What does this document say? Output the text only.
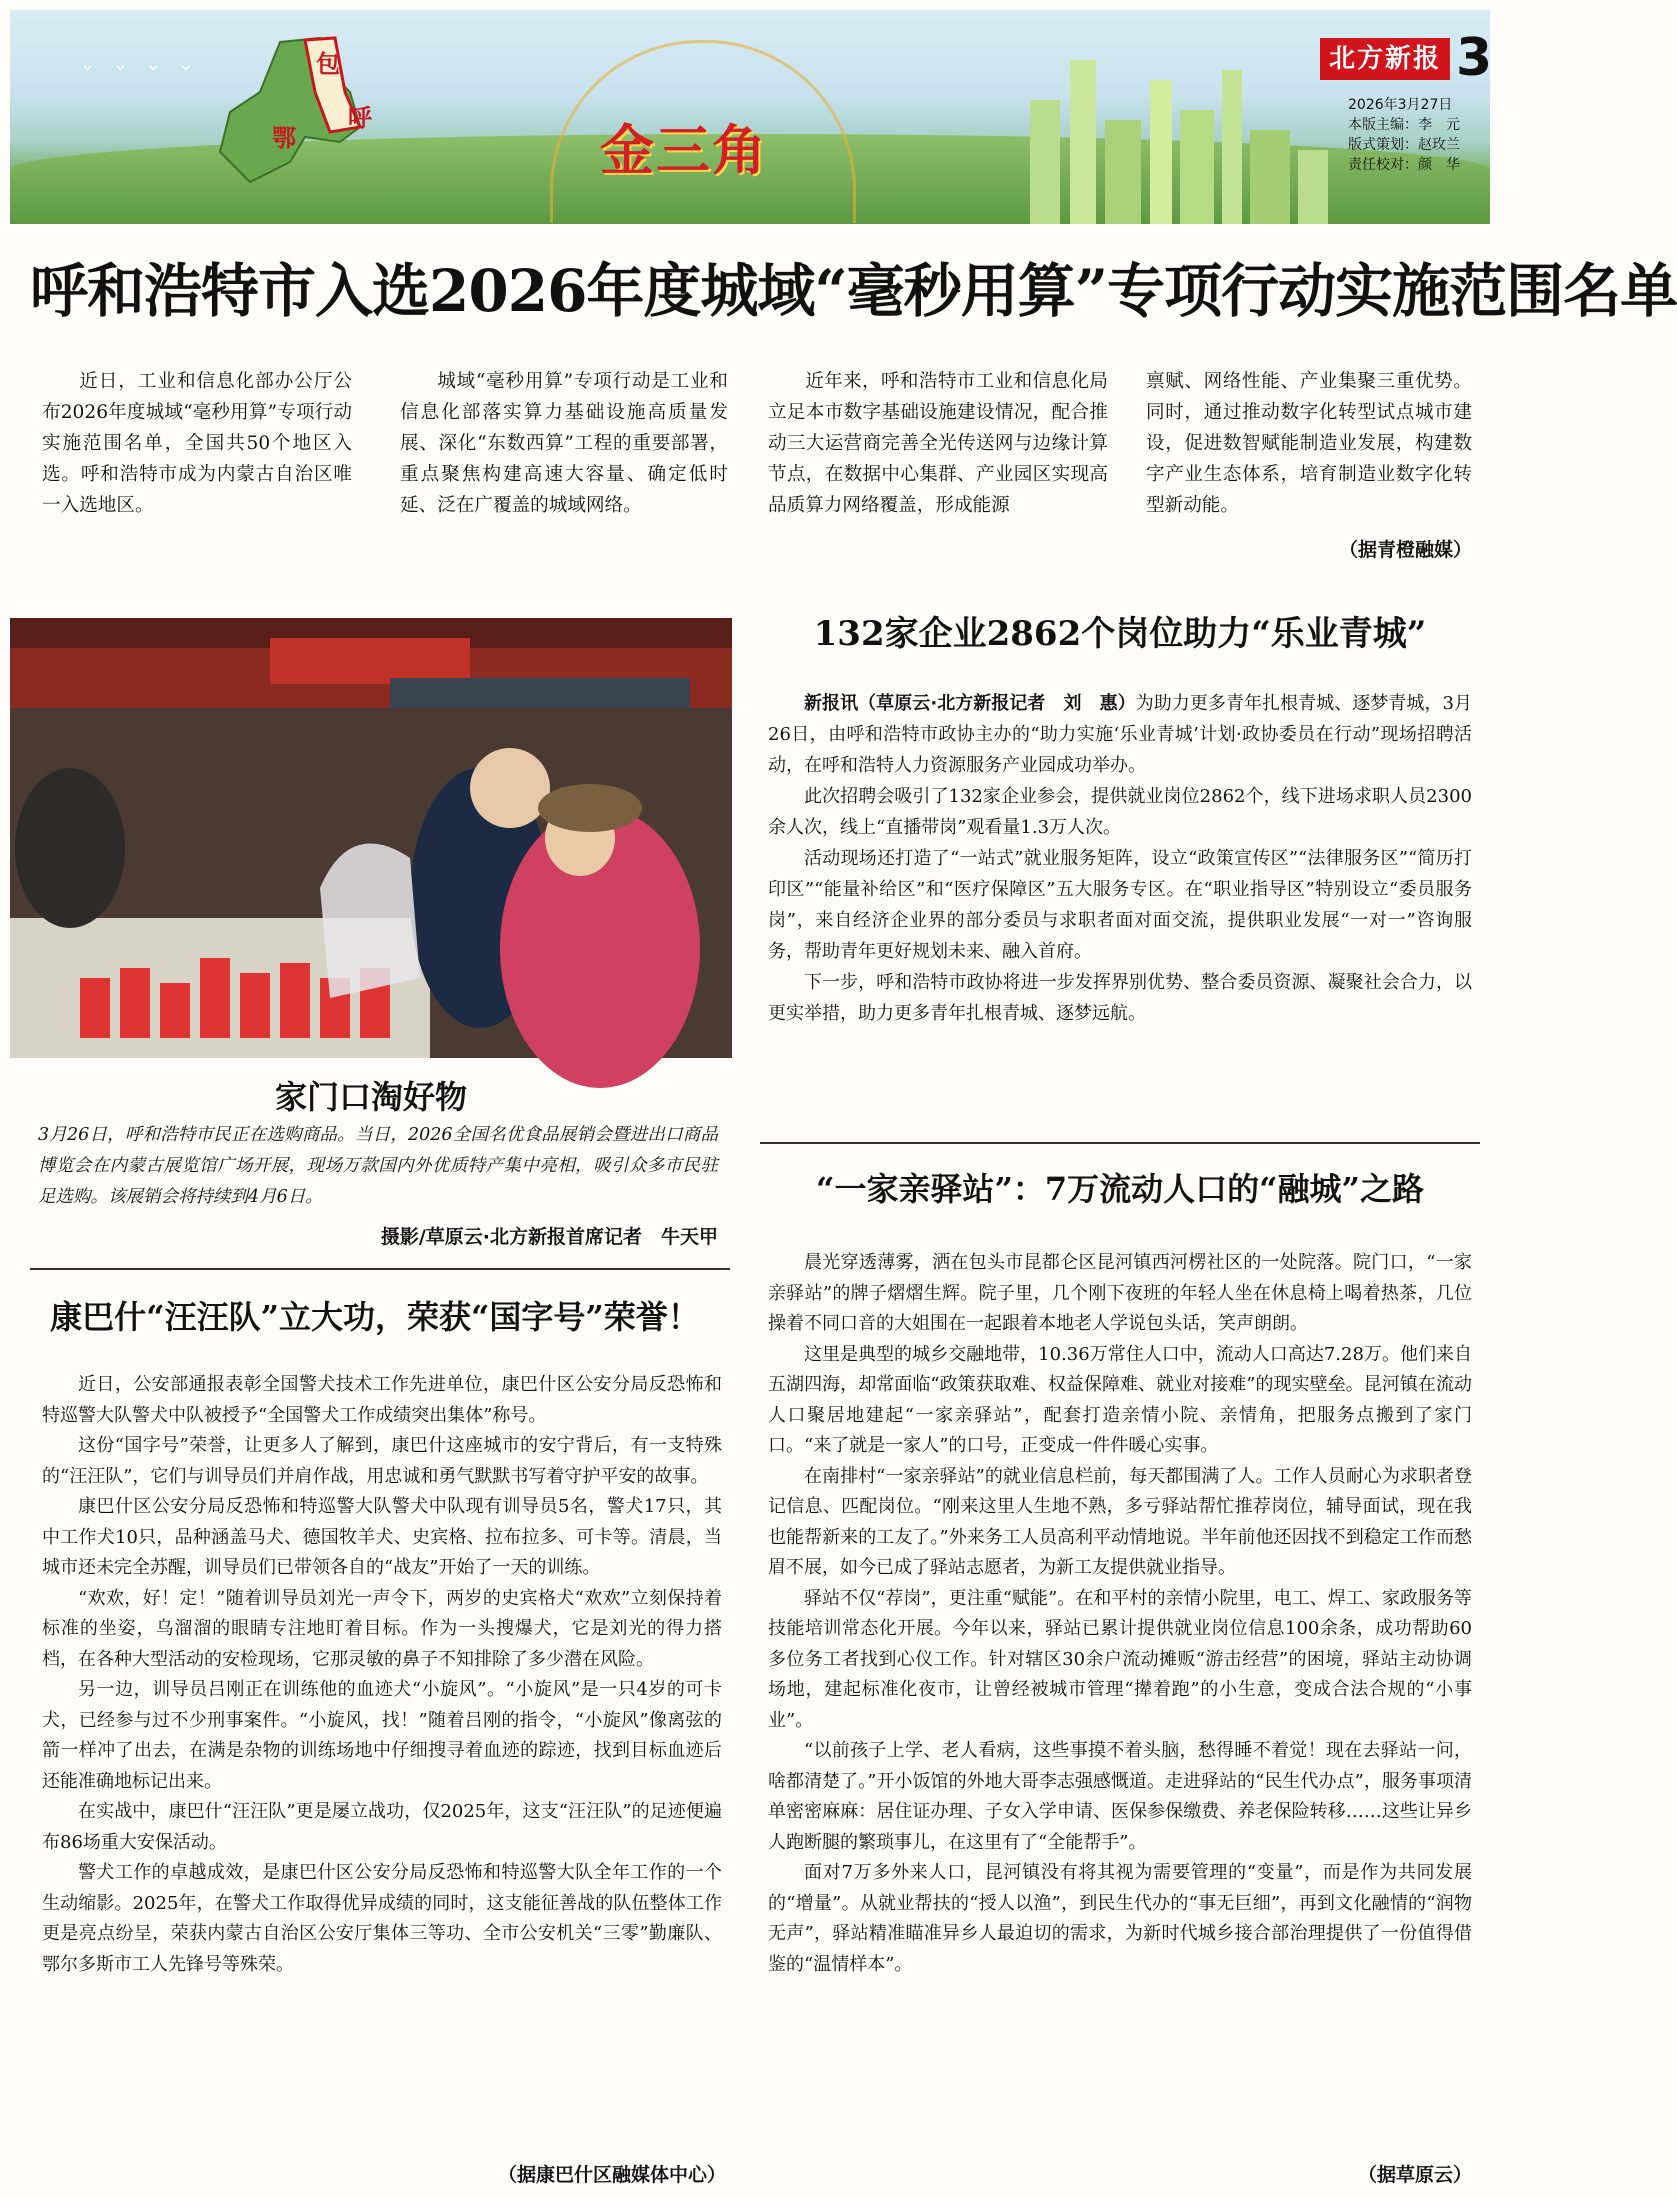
⌄ ⌄ ⌄ ⌄	包
呼
鄂	金三角
北方新报 3
2026年3月27日
本版主编：李　元
版式策划：赵玫兰
责任校对：颜　华
呼和浩特市入选2026年度城域“毫秒用算”专项行动实施范围名单

近日，工业和信息化部办公厅公布2026年度城域“毫秒用算”专项行动实施范围名单，全国共50个地区入选。呼和浩特市成为内蒙古自治区唯一入选地区。

城域“毫秒用算”专项行动是工业和信息化部落实算力基础设施高质量发展、深化“东数西算”工程的重要部署，重点聚焦构建高速大容量、确定低时延、泛在广覆盖的城域网络。

近年来，呼和浩特市工业和信息化局立足本市数字基础设施建设情况，配合推动三大运营商完善全光传送网与边缘计算节点，在数据中心集群、产业园区实现高品质算力网络覆盖，形成能源

禀赋、网络性能、产业集聚三重优势。同时，通过推动数字化转型试点城市建设，促进数智赋能制造业发展，构建数字产业生态体系，培育制造业数字化转型新动能。

（据青橙融媒）
家门口淘好物
3月26日，呼和浩特市民正在选购商品。当日，2026全国名优食品展销会暨进出口商品博览会在内蒙古展览馆广场开展，现场万款国内外优质特产集中亮相，吸引众多市民驻足选购。该展销会将持续到4月6日。
摄影/草原云·北方新报首席记者　牛天甲
132家企业2862个岗位助力“乐业青城”

新报讯（草原云·北方新报记者　刘　惠）为助力更多青年扎根青城、逐梦青城，3月26日，由呼和浩特市政协主办的“助力实施‘乐业青城’计划·政协委员在行动”现场招聘活动，在呼和浩特人力资源服务产业园成功举办。

此次招聘会吸引了132家企业参会，提供就业岗位2862个，线下进场求职人员2300余人次，线上“直播带岗”观看量1.3万人次。

活动现场还打造了“一站式”就业服务矩阵，设立“政策宣传区”“法律服务区”“简历打印区”“能量补给区”和“医疗保障区”五大服务专区。在“职业指导区”特别设立“委员服务岗”，来自经济企业界的部分委员与求职者面对面交流，提供职业发展“一对一”咨询服务，帮助青年更好规划未来、融入首府。

下一步，呼和浩特市政协将进一步发挥界别优势、整合委员资源、凝聚社会合力，以更实举措，助力更多青年扎根青城、逐梦远航。

康巴什“汪汪队”立大功，荣获“国字号”荣誉！

近日，公安部通报表彰全国警犬技术工作先进单位，康巴什区公安分局反恐怖和特巡警大队警犬中队被授予“全国警犬工作成绩突出集体”称号。

这份“国字号”荣誉，让更多人了解到，康巴什这座城市的安宁背后，有一支特殊的“汪汪队”，它们与训导员们并肩作战，用忠诚和勇气默默书写着守护平安的故事。

康巴什区公安分局反恐怖和特巡警大队警犬中队现有训导员5名，警犬17只，其中工作犬10只，品种涵盖马犬、德国牧羊犬、史宾格、拉布拉多、可卡等。清晨，当城市还未完全苏醒，训导员们已带领各自的“战友”开始了一天的训练。

“欢欢，好！定！”随着训导员刘光一声令下，两岁的史宾格犬“欢欢”立刻保持着标准的坐姿，乌溜溜的眼睛专注地盯着目标。作为一头搜爆犬，它是刘光的得力搭档，在各种大型活动的安检现场，它那灵敏的鼻子不知排除了多少潜在风险。

另一边，训导员吕刚正在训练他的血迹犬“小旋风”。“小旋风”是一只4岁的可卡犬，已经参与过不少刑事案件。“小旋风，找！”随着吕刚的指令，“小旋风”像离弦的箭一样冲了出去，在满是杂物的训练场地中仔细搜寻着血迹的踪迹，找到目标血迹后还能准确地标记出来。

在实战中，康巴什“汪汪队”更是屡立战功，仅2025年，这支“汪汪队”的足迹便遍布86场重大安保活动。

警犬工作的卓越成效，是康巴什区公安分局反恐怖和特巡警大队全年工作的一个生动缩影。2025年，在警犬工作取得优异成绩的同时，这支能征善战的队伍整体工作更是亮点纷呈，荣获内蒙古自治区公安厅集体三等功、全市公安机关“三零”勤廉队、鄂尔多斯市工人先锋号等殊荣。

（据康巴什区融媒体中心）
“一家亲驿站”：7万流动人口的“融城”之路

晨光穿透薄雾，洒在包头市昆都仑区昆河镇西河楞社区的一处院落。院门口，“一家亲驿站”的牌子熠熠生辉。院子里，几个刚下夜班的年轻人坐在休息椅上喝着热茶，几位操着不同口音的大姐围在一起跟着本地老人学说包头话，笑声朗朗。

这里是典型的城乡交融地带，10.36万常住人口中，流动人口高达7.28万。他们来自五湖四海，却常面临“政策获取难、权益保障难、就业对接难”的现实壁垒。昆河镇在流动人口聚居地建起“一家亲驿站”，配套打造亲情小院、亲情角，把服务点搬到了家门口。“来了就是一家人”的口号，正变成一件件暖心实事。

在南排村“一家亲驿站”的就业信息栏前，每天都围满了人。工作人员耐心为求职者登记信息、匹配岗位。“刚来这里人生地不熟，多亏驿站帮忙推荐岗位，辅导面试，现在我也能帮新来的工友了。”外来务工人员高利平动情地说。半年前他还因找不到稳定工作而愁眉不展，如今已成了驿站志愿者，为新工友提供就业指导。

驿站不仅“荐岗”，更注重“赋能”。在和平村的亲情小院里，电工、焊工、家政服务等技能培训常态化开展。今年以来，驿站已累计提供就业岗位信息100余条，成功帮助60多位务工者找到心仪工作。针对辖区30余户流动摊贩“游击经营”的困境，驿站主动协调场地，建起标准化夜市，让曾经被城市管理“撵着跑”的小生意，变成合法合规的“小事业”。

“以前孩子上学、老人看病，这些事摸不着头脑，愁得睡不着觉！现在去驿站一问，啥都清楚了。”开小饭馆的外地大哥李志强感慨道。走进驿站的“民生代办点”，服务事项清单密密麻麻：居住证办理、子女入学申请、医保参保缴费、养老保险转移……这些让异乡人跑断腿的繁琐事儿，在这里有了“全能帮手”。

面对7万多外来人口，昆河镇没有将其视为需要管理的“变量”，而是作为共同发展的“增量”。从就业帮扶的“授人以渔”，到民生代办的“事无巨细”，再到文化融情的“润物无声”，驿站精准瞄准异乡人最迫切的需求，为新时代城乡接合部治理提供了一份值得借鉴的“温情样本”。

（据草原云）
